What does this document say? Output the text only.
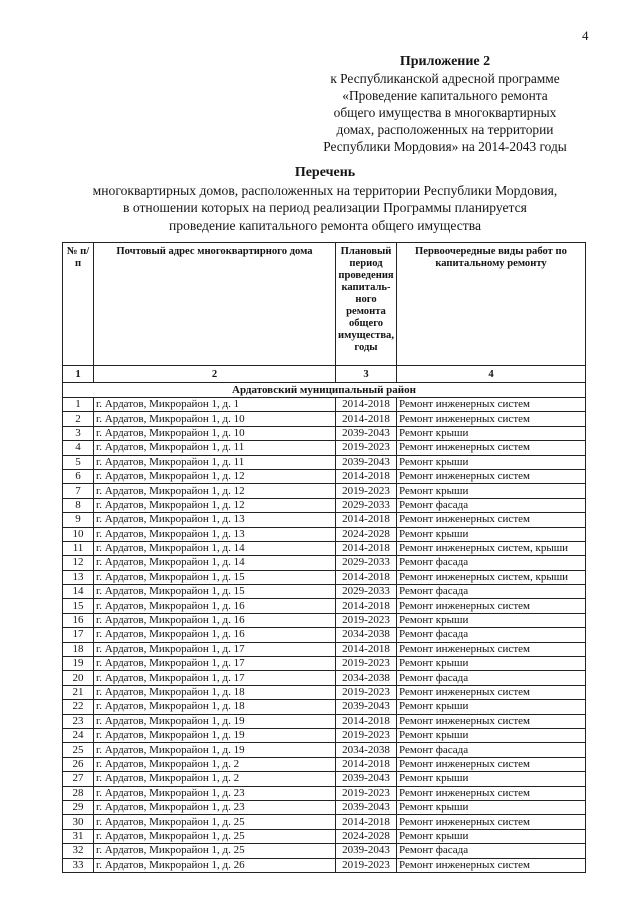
4
Приложение 2
к Республиканской адресной программе
«Проведение капитального ремонта
общего имущества в многоквартирных
домах, расположенных на территории
Республики Мордовия» на 2014-2043 годы
Перечень
многоквартирных домов, расположенных на территории Республики Мордовия,
в отношении которых на период реализации Программы планируется
проведение капитального ремонта общего имущества
№ п/п	Почтовый адрес многоквартирного дома	Плановый период проведения капиталь-ного ремонта общего имущества, годы	Первоочередные виды работ по капитальному ремонту
1	2	3	4
Ардатовский муниципальный район			
1	г. Ардатов, Микрорайон 1, д. 1	2014-2018	Ремонт инженерных систем
2	г. Ардатов, Микрорайон 1, д. 10	2014-2018	Ремонт инженерных систем
3	г. Ардатов, Микрорайон 1, д. 10	2039-2043	Ремонт крыши
4	г. Ардатов, Микрорайон 1, д. 11	2019-2023	Ремонт инженерных систем
5	г. Ардатов, Микрорайон 1, д. 11	2039-2043	Ремонт крыши
6	г. Ардатов, Микрорайон 1, д. 12	2014-2018	Ремонт инженерных систем
7	г. Ардатов, Микрорайон 1, д. 12	2019-2023	Ремонт крыши
8	г. Ардатов, Микрорайон 1, д. 12	2029-2033	Ремонт фасада
9	г. Ардатов, Микрорайон 1, д. 13	2014-2018	Ремонт инженерных систем
10	г. Ардатов, Микрорайон 1, д. 13	2024-2028	Ремонт крыши
11	г. Ардатов, Микрорайон 1, д. 14	2014-2018	Ремонт инженерных систем, крыши
12	г. Ардатов, Микрорайон 1, д. 14	2029-2033	Ремонт фасада
13	г. Ардатов, Микрорайон 1, д. 15	2014-2018	Ремонт инженерных систем, крыши
14	г. Ардатов, Микрорайон 1, д. 15	2029-2033	Ремонт фасада
15	г. Ардатов, Микрорайон 1, д. 16	2014-2018	Ремонт инженерных систем
16	г. Ардатов, Микрорайон 1, д. 16	2019-2023	Ремонт крыши
17	г. Ардатов, Микрорайон 1, д. 16	2034-2038	Ремонт фасада
18	г. Ардатов, Микрорайон 1, д. 17	2014-2018	Ремонт инженерных систем
19	г. Ардатов, Микрорайон 1, д. 17	2019-2023	Ремонт крыши
20	г. Ардатов, Микрорайон 1, д. 17	2034-2038	Ремонт фасада
21	г. Ардатов, Микрорайон 1, д. 18	2019-2023	Ремонт инженерных систем
22	г. Ардатов, Микрорайон 1, д. 18	2039-2043	Ремонт крыши
23	г. Ардатов, Микрорайон 1, д. 19	2014-2018	Ремонт инженерных систем
24	г. Ардатов, Микрорайон 1, д. 19	2019-2023	Ремонт крыши
25	г. Ардатов, Микрорайон 1, д. 19	2034-2038	Ремонт фасада
26	г. Ардатов, Микрорайон 1, д. 2	2014-2018	Ремонт инженерных систем
27	г. Ардатов, Микрорайон 1, д. 2	2039-2043	Ремонт крыши
28	г. Ардатов, Микрорайон 1, д. 23	2019-2023	Ремонт инженерных систем
29	г. Ардатов, Микрорайон 1, д. 23	2039-2043	Ремонт крыши
30	г. Ардатов, Микрорайон 1, д. 25	2014-2018	Ремонт инженерных систем
31	г. Ардатов, Микрорайон 1, д. 25	2024-2028	Ремонт крыши
32	г. Ардатов, Микрорайон 1, д. 25	2039-2043	Ремонт фасада
33	г. Ардатов, Микрорайон 1, д. 26	2019-2023	Ремонт инженерных систем
